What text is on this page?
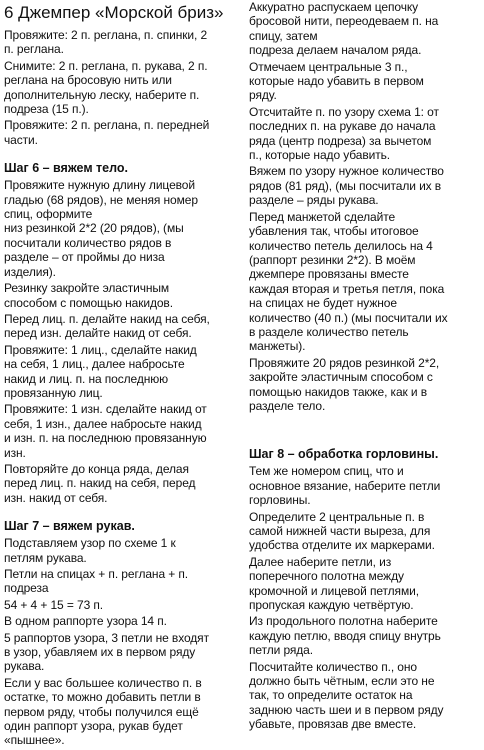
6 Джемпер «Морской бриз»
Провяжите: 2 п. реглана, п. спинки, 2
п. реглана.
Снимите: 2 п. реглана, п. рукава, 2 п.
реглана на бросовую нить или
дополнительную леску, наберите п.
подреза (15 п.).
Провяжите: 2 п. реглана, п. передней
части.
Шаг 6 – вяжем тело.
Провяжите нужную длину лицевой
гладью (68 рядов), не меняя номер
спиц, оформите
низ резинкой 2*2 (20 рядов), (мы
посчитали количество рядов в
разделе – от проймы до низа
изделия).
Резинку закройте эластичным
способом с помощью накидов.
Перед лиц. п. делайте накид на себя,
перед изн. делайте накид от себя.
Провяжите: 1 лиц., сделайте накид
на себя, 1 лиц., далее набросьте
накид и лиц. п. на последнюю
провязанную лиц.
Провяжите: 1 изн. сделайте накид от
себя, 1 изн., далее набросьте накид
и изн. п. на последнюю провязанную
изн.
Повторяйте до конца ряда, делая
перед лиц. п. накид на себя, перед
изн. накид от себя.
Шаг 7 – вяжем рукав.
Подставляем узор по схеме 1 к
петлям рукава.
Петли на спицах + п. реглана + п.
подреза
54 + 4 + 15 = 73 п.
В одном раппорте узора 14 п.
5 раппортов узора, 3 петли не входят
в узор, убавляем их в первом ряду
рукава.
Если у вас большее количество п. в
остатке, то можно добавить петли в
первом ряду, чтобы получился ещё
один раппорт узора, рукав будет
«пышнее».
Аккуратно распускаем цепочку
бросовой нити, переодеваем п. на
спицу, затем
подреза делаем началом ряда.
Отмечаем центральные 3 п.,
которые надо убавить в первом
ряду.
Отсчитайте п. по узору схема 1: от
последних п. на рукаве до начала
ряда (центр подреза) за вычетом
п., которые надо убавить.
Вяжем по узору нужное количество
рядов (81 ряд), (мы посчитали их в
разделе – ряды рукава.
Перед манжетой сделайте
убавления так, чтобы итоговое
количество петель делилось на 4
(раппорт резинки 2*2). В моём
джемпере провязаны вместе
каждая вторая и третья петля, пока
на спицах не будет нужное
количество (40 п.) (мы посчитали их
в разделе количество петель
манжеты).
Провяжите 20 рядов резинкой 2*2,
закройте эластичным способом с
помощью накидов также, как и в
разделе тело.
Шаг 8 – обработка горловины.
Тем же номером спиц, что и
основное вязание, наберите петли
горловины.
Определите 2 центральные п. в
самой нижней части выреза, для
удобства отделите их маркерами.
Далее наберите петли, из
поперечного полотна между
кромочной и лицевой петлями,
пропуская каждую четвёртую.
Из продольного полотна наберите
каждую петлю, вводя спицу внутрь
петли ряда.
Посчитайте количество п., оно
должно быть чётным, если это не
так, то определите остаток на
заднюю часть шеи и в первом ряду
убавьте, провязав две вместе.
